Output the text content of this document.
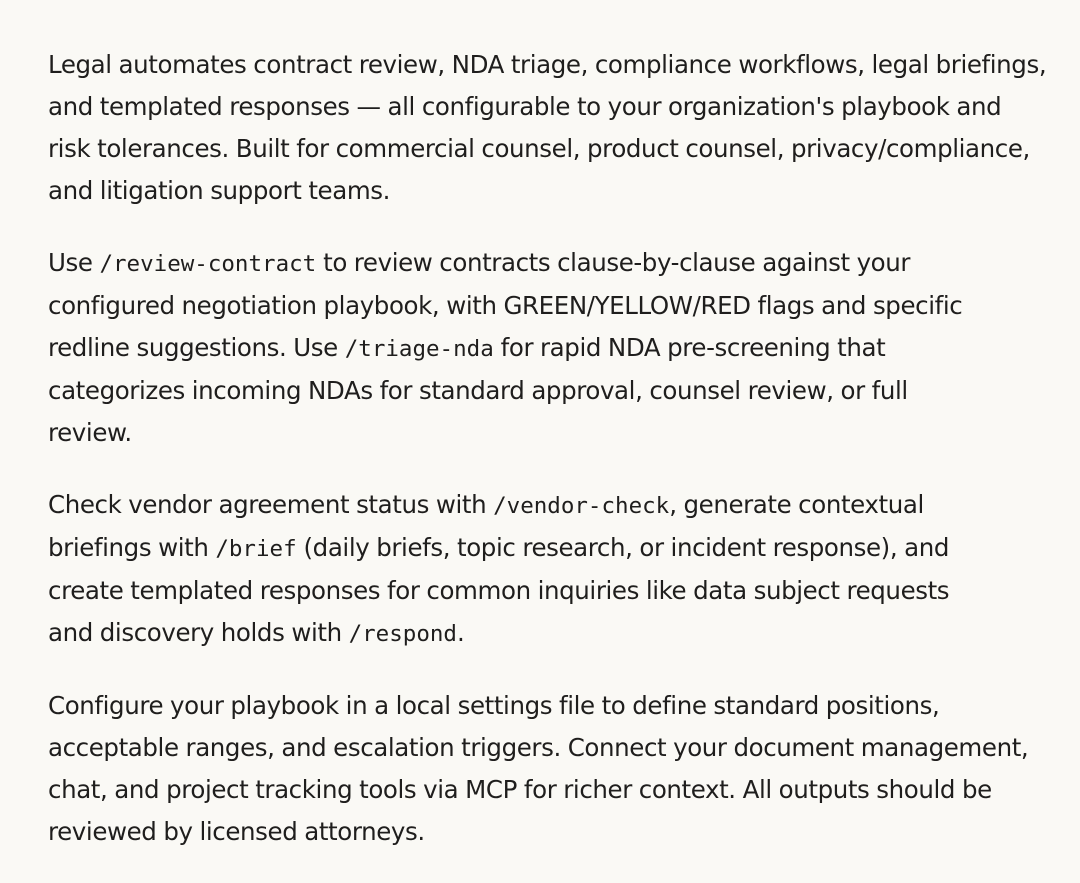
Legal automates contract review, NDA triage, compliance workflows, legal briefings, and templated responses — all configurable to your organization's playbook and risk tolerances. Built for commercial counsel, product counsel, privacy/compliance, and litigation support teams.

Use /review-contract to review contracts clause-by-clause against your configured negotiation playbook, with GREEN/YELLOW/RED flags and specific redline suggestions. Use /triage-nda for rapid NDA pre-screening that categorizes incoming NDAs for standard approval, counsel review, or full review.

Check vendor agreement status with /vendor-check, generate contextual briefings with /brief (daily briefs, topic research, or incident response), and create templated responses for common inquiries like data subject requests and discovery holds with /respond.

Configure your playbook in a local settings file to define standard positions, acceptable ranges, and escalation triggers. Connect your document management, chat, and project tracking tools via MCP for richer context. All outputs should be reviewed by licensed attorneys.
